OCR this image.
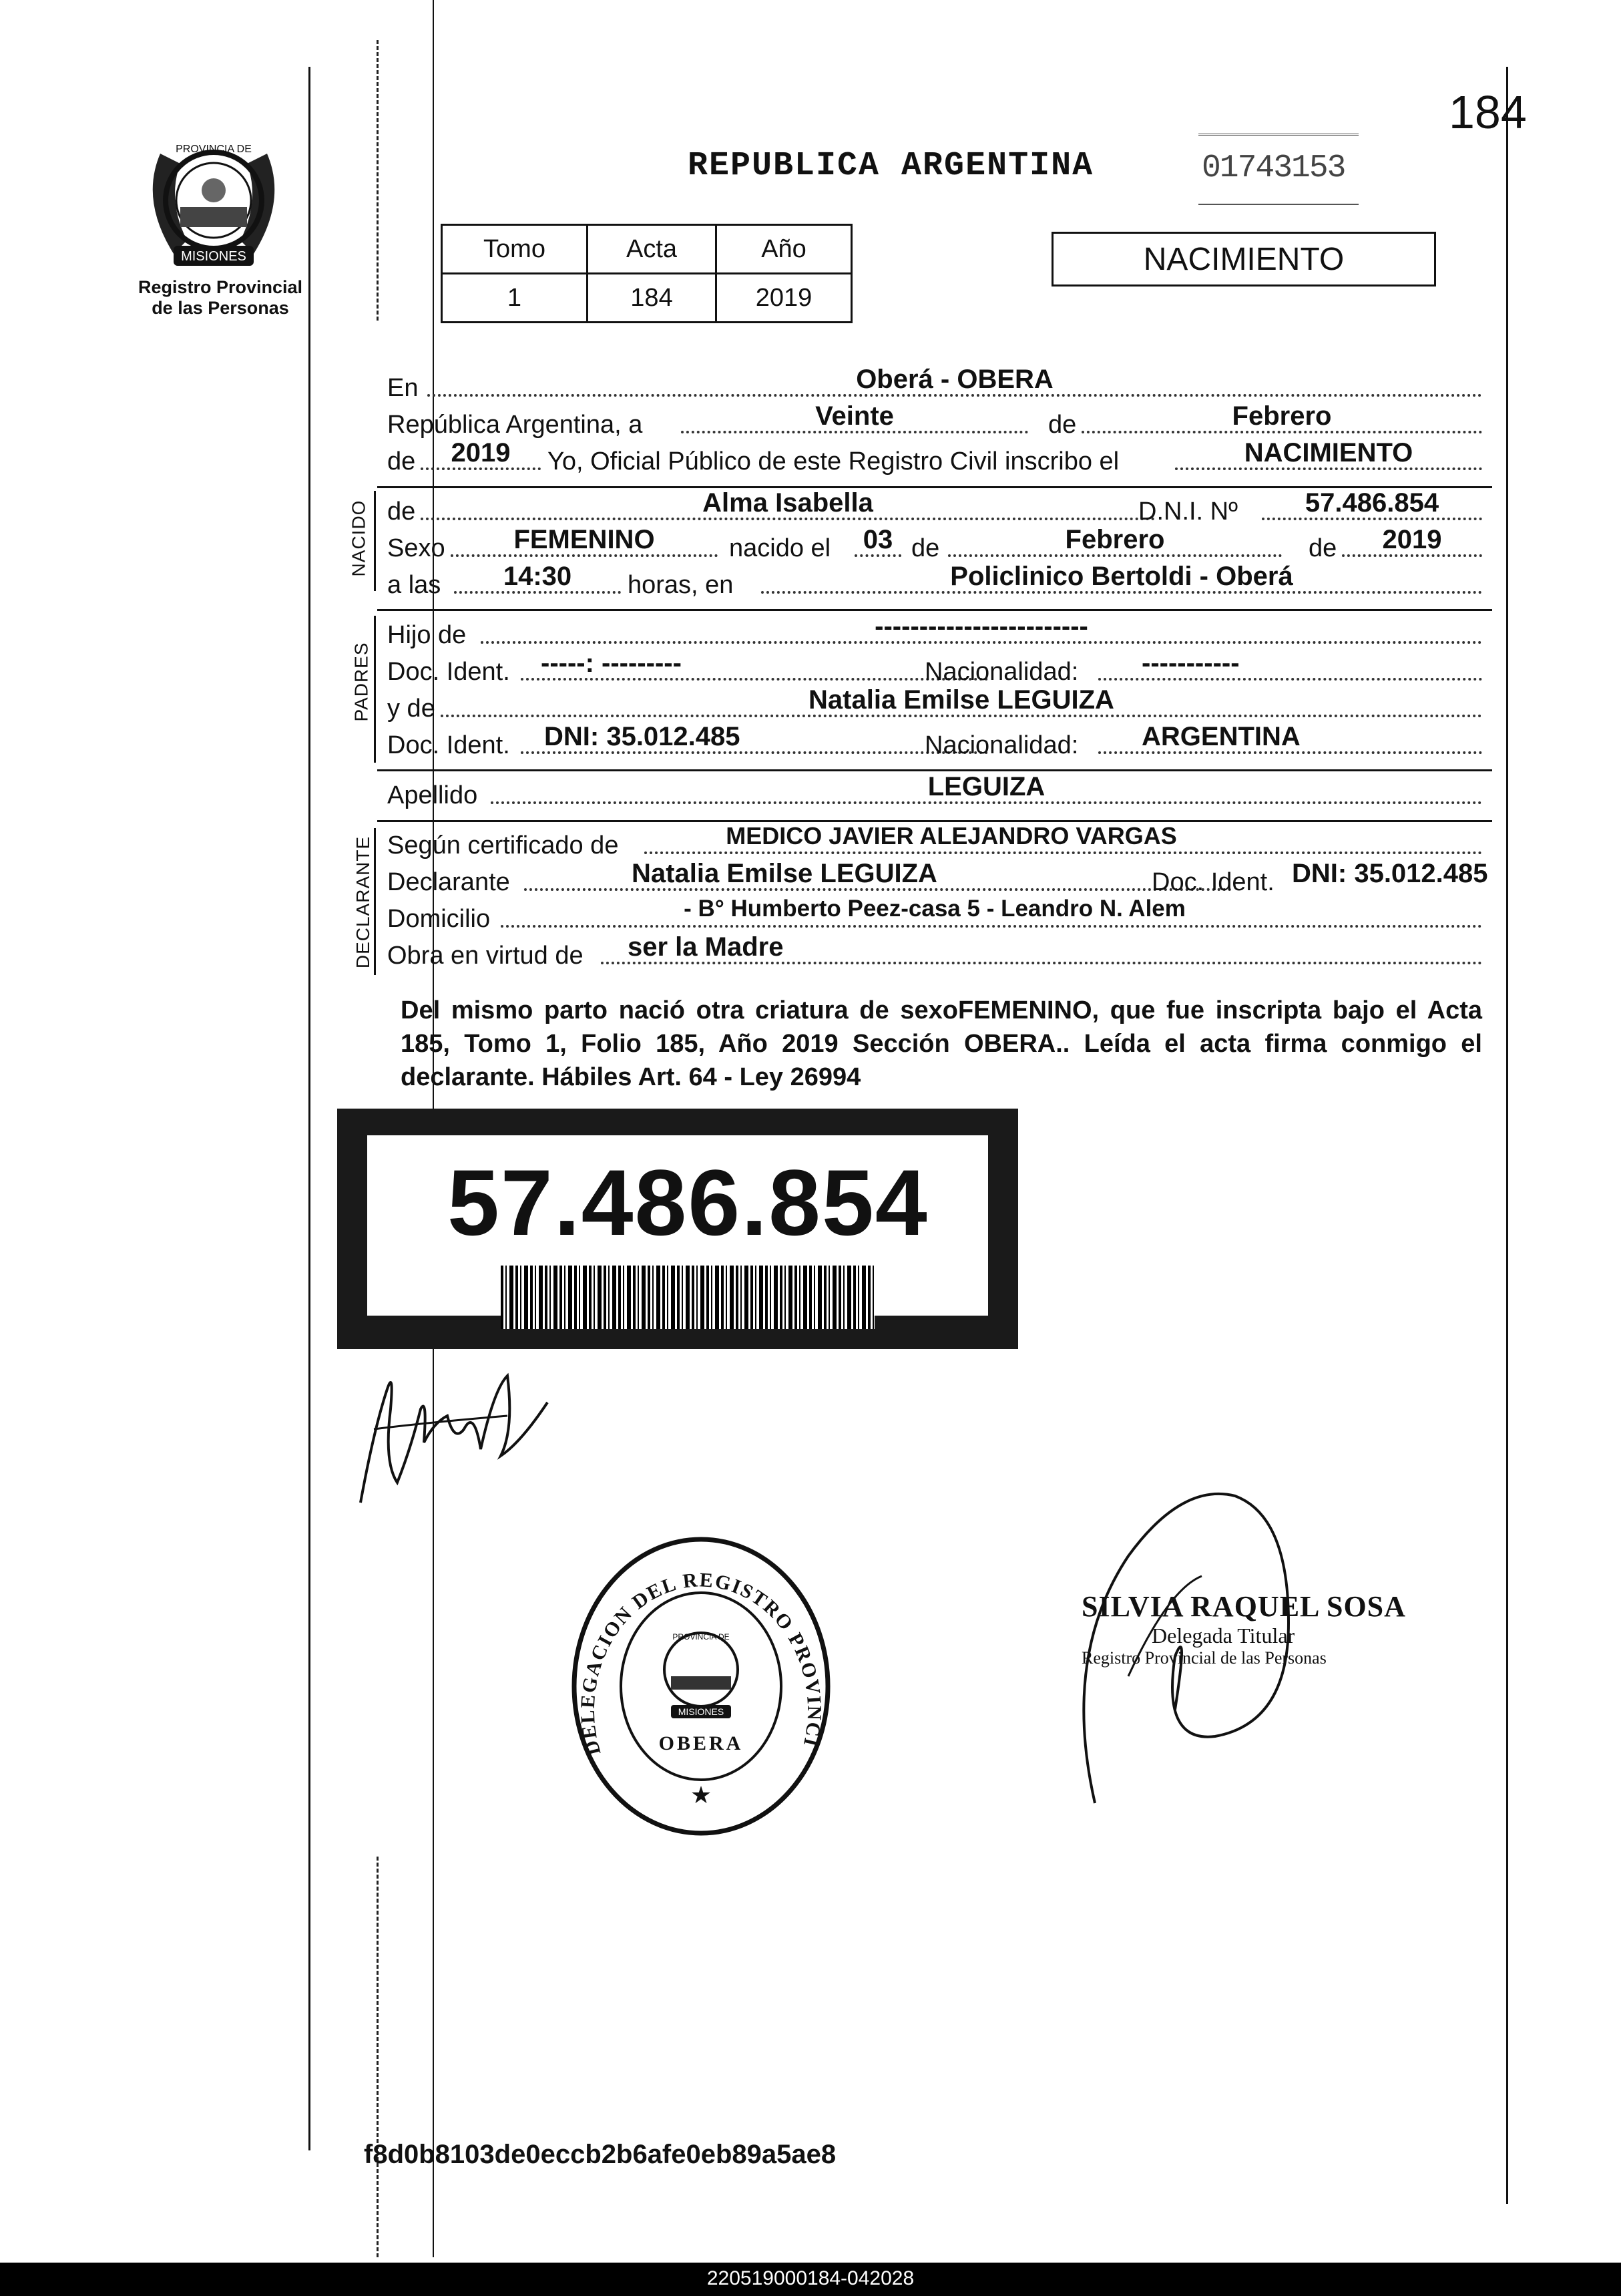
184
REPUBLICA ARGENTINA	01743153
MISIONES
PROVINCIA DE
Registro Provincial
de las Personas
Tomo	Acta	Año
1	184	2019
NACIMIENTO
En	Oberá - OBERA
República Argentina, a	Veinte	de	Febrero
de	2019	Yo, Oficial Público de este Registro Civil inscribo el	NACIMIENTO
NACIDO de	Alma Isabella	D.N.I. Nº	57.486.854
Sexo	FEMENINO	nacido el	03 de	Febrero	de	2019
a las	14:30	horas, en	Policlinico Bertoldi - Oberá
PADRES
Hijo de	------------------------
Doc. Ident. -----: ---------	Nacionalidad: -----------
y de	Natalia Emilse LEGUIZA
Doc. Ident. DNI: 35.012.485	Nacionalidad: ARGENTINA
Apellido	LEGUIZA
DECLARANTE Según certificado de	MEDICO JAVIER ALEJANDRO VARGAS
Declarante	Natalia Emilse LEGUIZA	Doc. Ident. DNI: 35.012.485
Domicilio	- B° Humberto Peez-casa 5 - Leandro N. Alem
Obra en virtud de ser la Madre
Del mismo parto nació otra criatura de sexoFEMENINO, que fue inscripta bajo el Acta 185, Tomo 1, Folio 185, Año 2019 Sección OBERA.. Leída el acta firma conmigo el declarante. Hábiles Art. 64 - Ley 26994
57.486.854
DELEGACION DEL REGISTRO PROVINCI
MISIONES
PROVINCIA DE
OBERA
★
SILVIA RAQUEL SOSA
Delegada Titular
Registro Provincial de las Personas
f8d0b8103de0eccb2b6afe0eb89a5ae8
220519000184-042028
